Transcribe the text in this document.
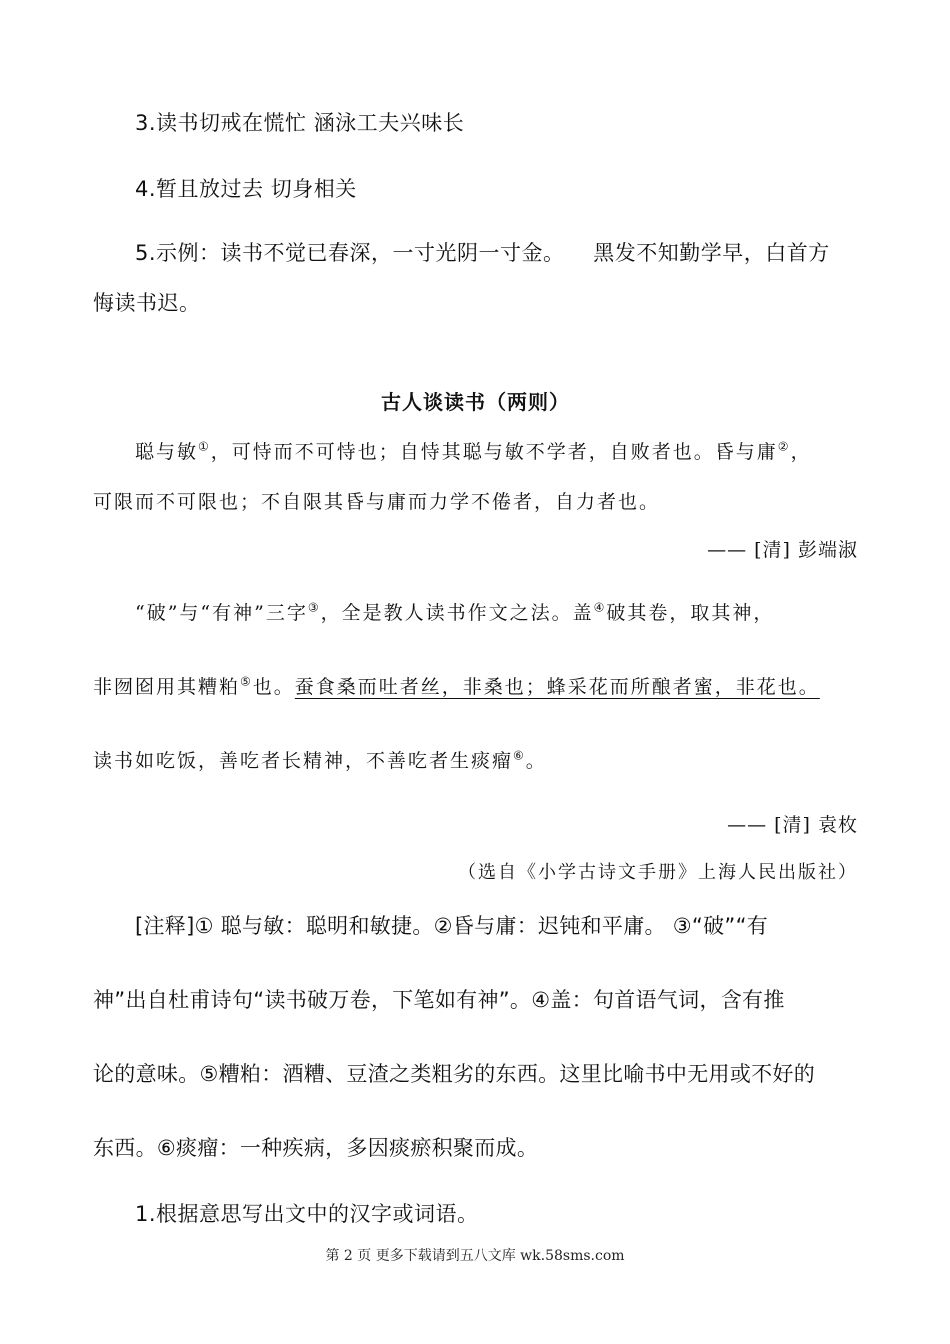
3.读书切戒在慌忙 涵泳工夫兴味长
4.暂且放过去 切身相关
5.示例：读书不觉已春深，一寸光阴一寸金。    黑发不知勤学早，白首方
悔读书迟。
古人谈读书（两则）
聪与敏①，可恃而不可恃也；自恃其聪与敏不学者，自败者也。昏与庸②，
可限而不可限也；不自限其昏与庸而力学不倦者，自力者也。
—— [清] 彭端淑
“破”与“有神”三字③，全是教人读书作文之法。盖④破其卷，取其神，
非囫囵用其糟粕⑤也。蚕食桑而吐者丝，非桑也；蜂采花而所酿者蜜，非花也。
读书如吃饭，善吃者长精神，不善吃者生痰瘤⑥。
—— [清] 袁枚
（选自《小学古诗文手册》上海人民出版社）
[注释]① 聪与敏：聪明和敏捷。②昏与庸：迟钝和平庸。 ③“破”“有
神”出自杜甫诗句“读书破万卷，下笔如有神”。④盖：句首语气词，含有推
论的意味。⑤糟粕：酒糟、豆渣之类粗劣的东西。这里比喻书中无用或不好的
东西。⑥痰瘤：一种疾病，多因痰瘀积聚而成。
1.根据意思写出文中的汉字或词语。
第 2 页 更多下载请到五八文库 wk.58sms.com
